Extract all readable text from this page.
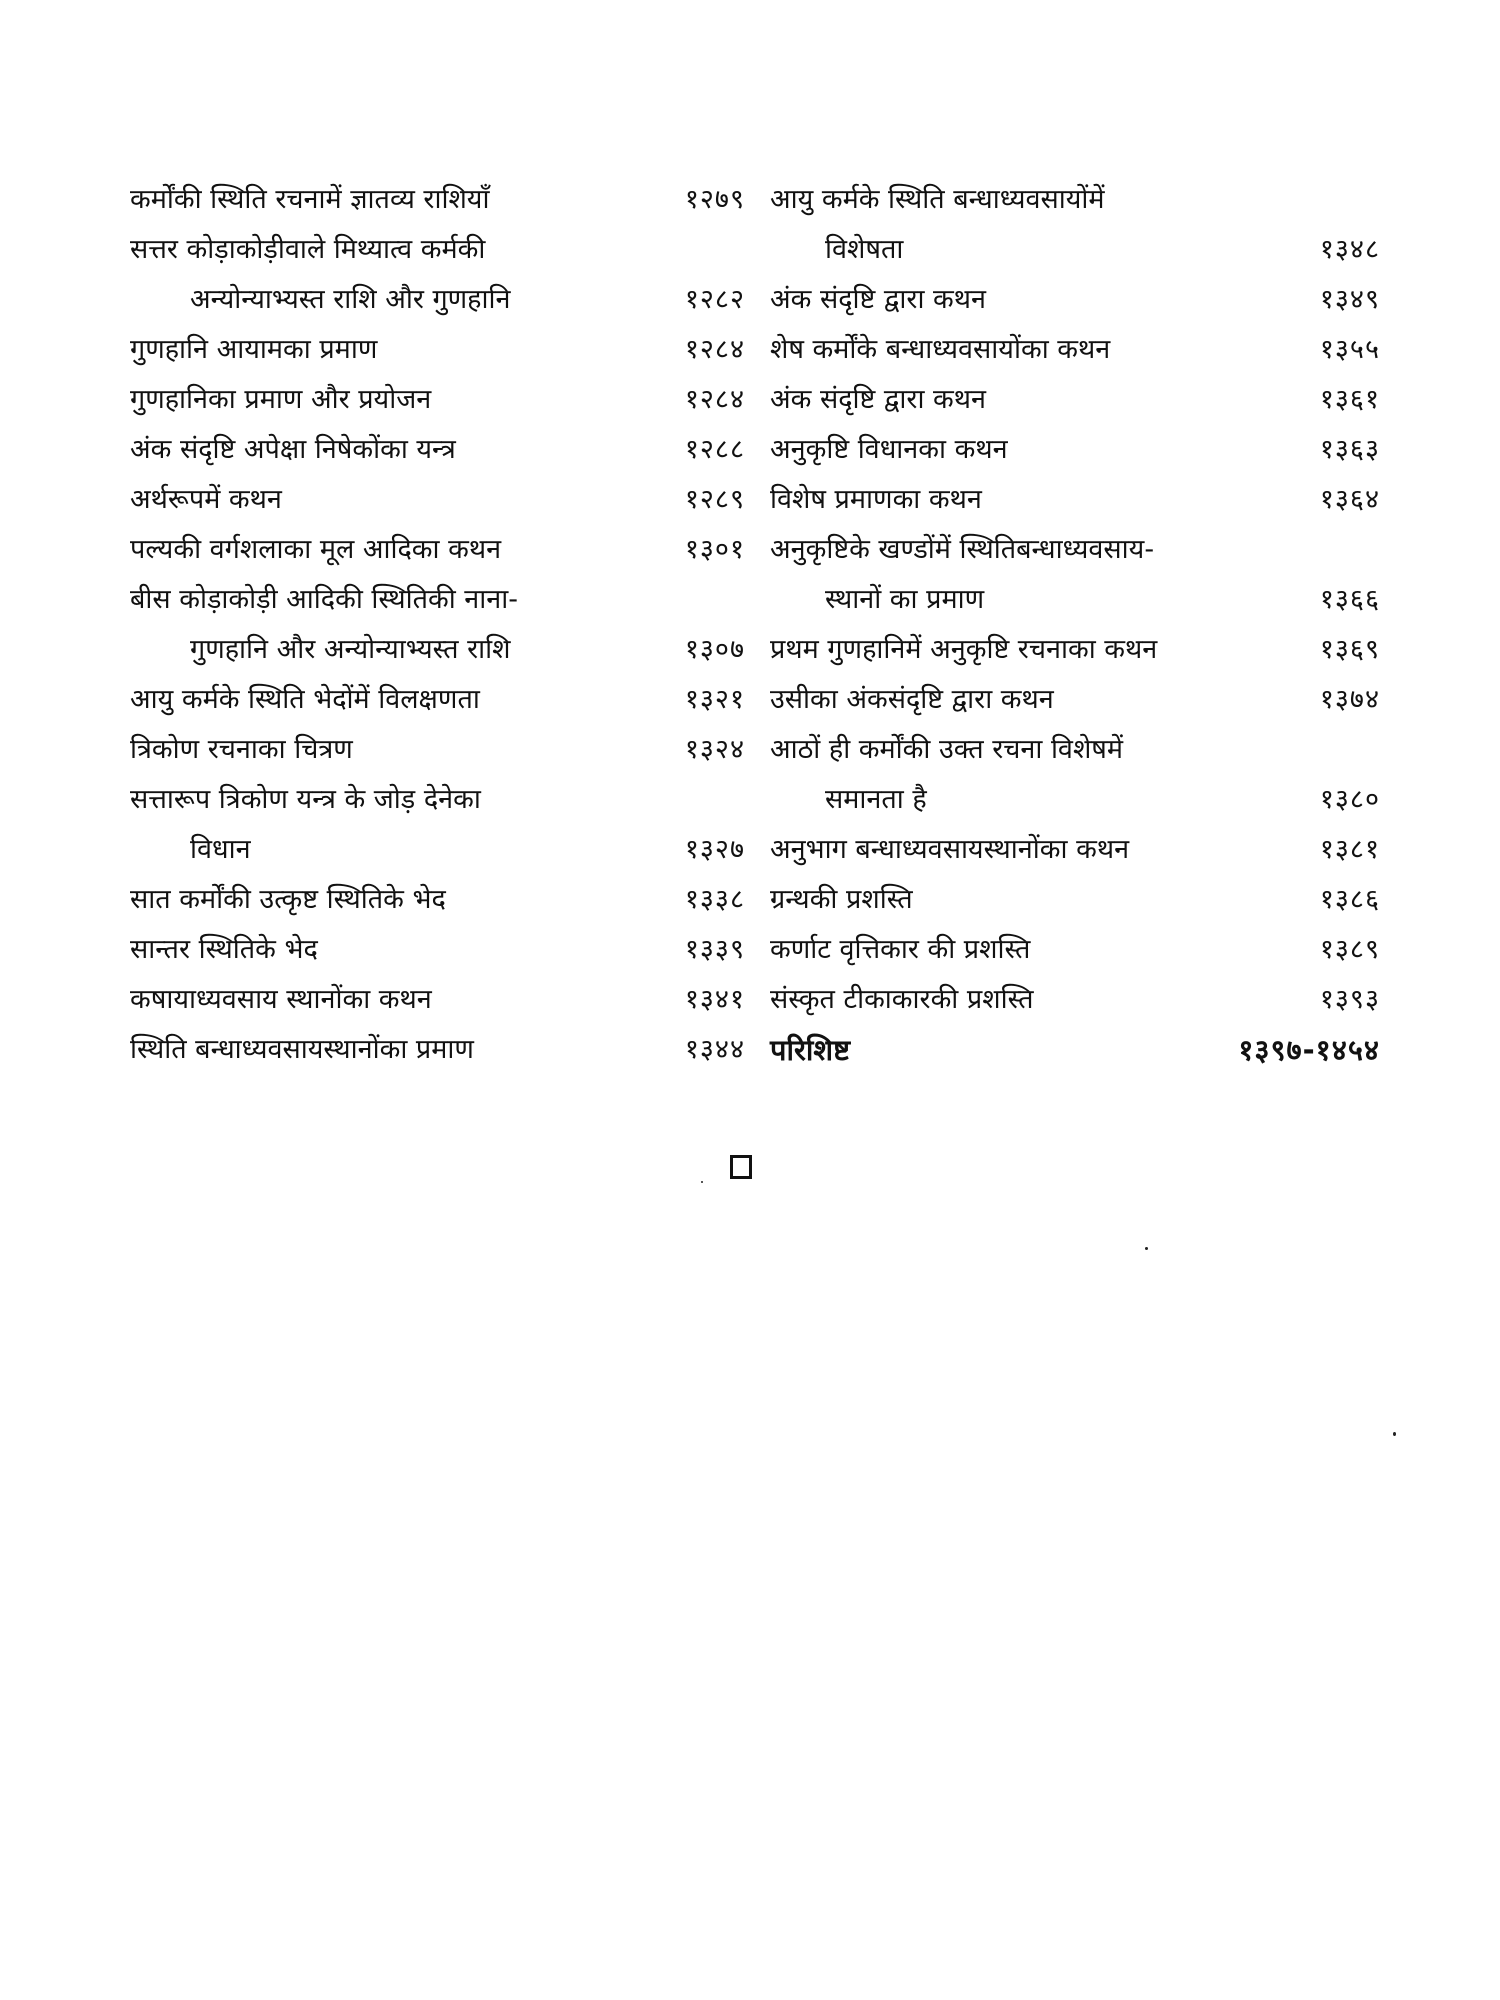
कर्मोंकी स्थिति रचनामें ज्ञातव्य राशियाँ	१२७९
सत्तर कोड़ाकोड़ीवाले मिथ्यात्व कर्मकी
अन्योन्याभ्यस्त राशि और गुणहानि	१२८२
गुणहानि आयामका प्रमाण	१२८४
गुणहानिका प्रमाण और प्रयोजन	१२८४
अंक संदृष्टि अपेक्षा निषेकोंका यन्त्र	१२८८
अर्थरूपमें कथन	१२८९
पल्यकी वर्गशलाका मूल आदिका कथन	१३०१
बीस कोड़ाकोड़ी आदिकी स्थितिकी नाना-
गुणहानि और अन्योन्याभ्यस्त राशि	१३०७
आयु कर्मके स्थिति भेदोंमें विलक्षणता	१३२१
त्रिकोण रचनाका चित्रण	१३२४
सत्तारूप त्रिकोण यन्त्र के जोड़ देनेका
विधान	१३२७
सात कर्मोंकी उत्कृष्ट स्थितिके भेद	१३३८
सान्तर स्थितिके भेद	१३३९
कषायाध्यवसाय स्थानोंका कथन	१३४१
स्थिति बन्धाध्यवसायस्थानोंका प्रमाण	१३४४
आयु कर्मके स्थिति बन्धाध्यवसायोंमें
विशेषता	१३४८
अंक संदृष्टि द्वारा कथन	१३४९
शेष कर्मोंके बन्धाध्यवसायोंका कथन	१३५५
अंक संदृष्टि द्वारा कथन	१३६१
अनुकृष्टि विधानका कथन	१३६३
विशेष प्रमाणका कथन	१३६४
अनुकृष्टिके खण्डोंमें स्थितिबन्धाध्यवसाय-
स्थानों का प्रमाण	१३६६
प्रथम गुणहानिमें अनुकृष्टि रचनाका कथन	१३६९
उसीका अंकसंदृष्टि द्वारा कथन	१३७४
आठों ही कर्मोंकी उक्त रचना विशेषमें
समानता है	१३८०
अनुभाग बन्धाध्यवसायस्थानोंका कथन	१३८१
ग्रन्थकी प्रशस्ति	१३८६
कर्णाट वृत्तिकार की प्रशस्ति	१३८९
संस्कृत टीकाकारकी प्रशस्ति	१३९३
परिशिष्ट	१३९७-१४५४
